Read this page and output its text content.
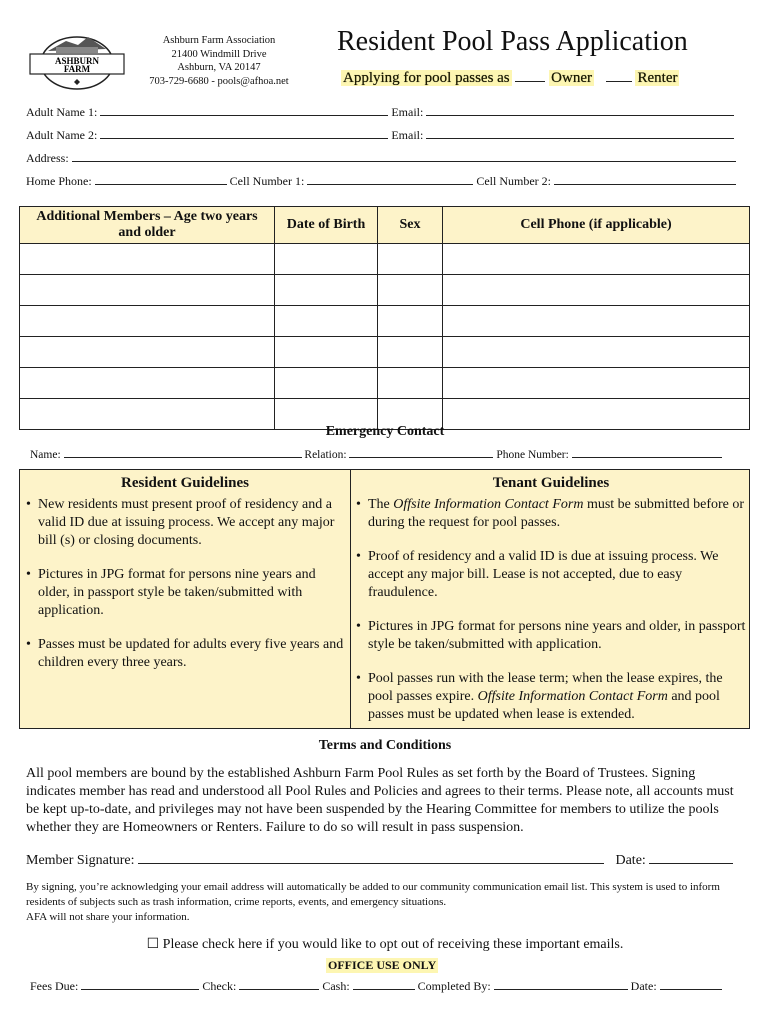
ASHBURN
FARM
Ashburn Farm Association
21400 Windmill Drive
Ashburn, VA 20147
703-729-6680 - pools@afhoa.net
Resident Pool Pass Application
Applying for pool passes as	Owner	Renter
Adult Name 1:	Email:
Adult Name 2:	Email:
Address:
Home Phone:	Cell Number 1:	Cell Number 2:
Additional Members – Age two years and older	Date of Birth	Sex	Cell Phone (if applicable)

Emergency Contact
Name:	Relation:	Phone Number:
Resident Guidelines
• New residents must present proof of residency and a valid ID due at issuing process. We accept any major bill (s) or closing documents.
• Pictures in JPG format for persons nine years and older, in passport style be taken/submitted with application.
• Passes must be updated for adults every five years and children every three years.
Tenant Guidelines
• The Offsite Information Contact Form must be submitted before or during the request for pool passes.
• Proof of residency and a valid ID is due at issuing process. We accept any major bill. Lease is not accepted, due to easy fraudulence.
• Pictures in JPG format for persons nine years and older, in passport style be taken/submitted with application.
• Pool passes run with the lease term; when the lease expires, the pool passes expire. Offsite Information Contact Form and pool passes must be updated when lease is extended.
Terms and Conditions
All pool members are bound by the established Ashburn Farm Pool Rules as set forth by the Board of Trustees. Signing indicates member has read and understood all Pool Rules and Policies and agrees to their terms. Please note, all accounts must be kept up-to-date, and privileges may not have been suspended by the Hearing Committee for members to utilize the pools whether they are Homeowners or Renters. Failure to do so will result in pass suspension.
Member Signature:	Date:
By signing, you’re acknowledging your email address will automatically be added to our community communication email list. This system is used to inform residents of subjects such as trash information, crime reports, events, and emergency situations.
AFA will not share your information.
☐ Please check here if you would like to opt out of receiving these important emails.
OFFICE USE ONLY
Fees Due:	Check:	Cash:	Completed By:	Date:
